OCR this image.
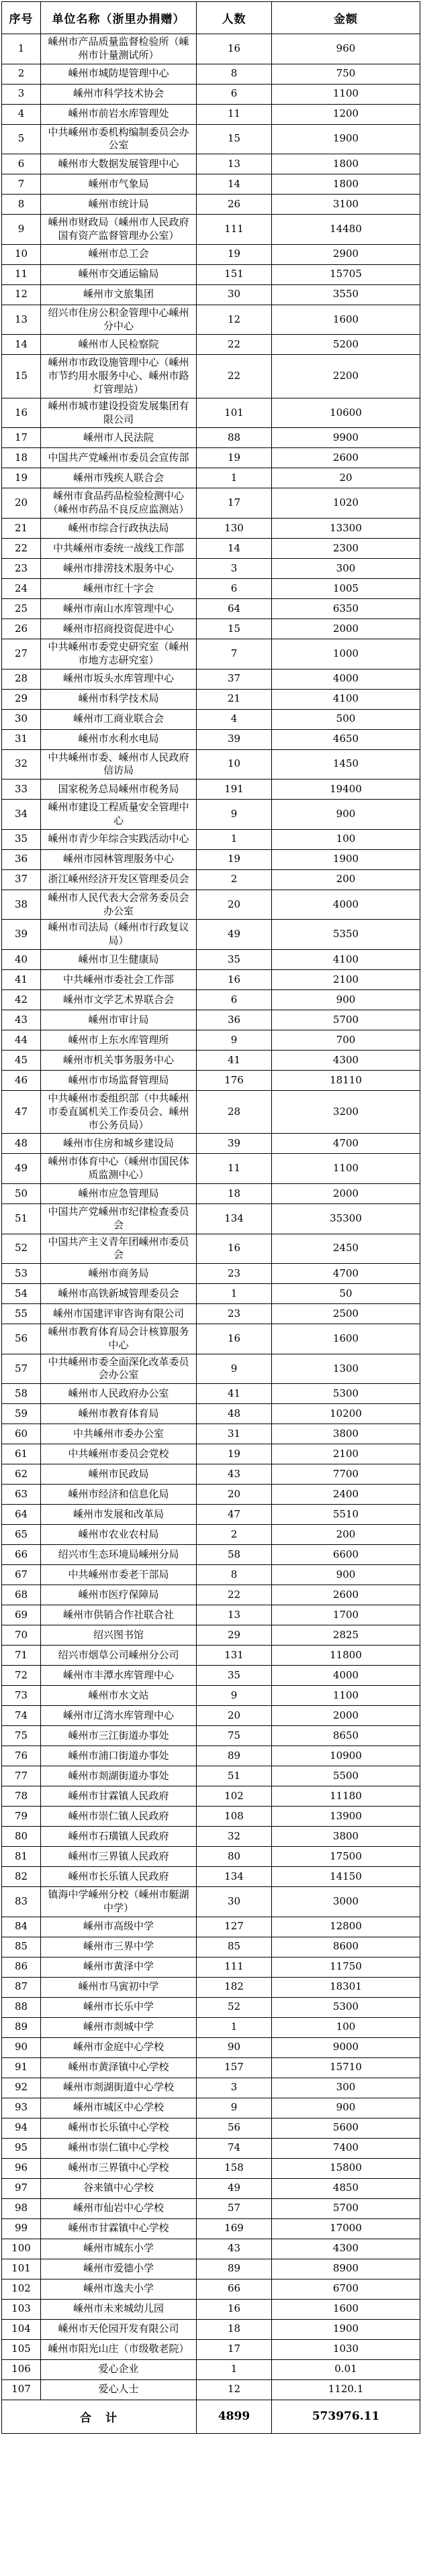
序号	单位名称（浙里办捐赠）	人数	金额
1	嵊州市产品质量监督检验所（嵊州市计量测试所）	16	960
2	嵊州市城防堤管理中心	8	750
3	嵊州市科学技术协会	6	1100
4	嵊州市前岩水库管理处	11	1200
5	中共嵊州市委机构编制委员会办公室	15	1900
6	嵊州市大数据发展管理中心	13	1800
7	嵊州市气象局	14	1800
8	嵊州市统计局	26	3100
9	嵊州市财政局（嵊州市人民政府国有资产监督管理办公室）	111	14480
10	嵊州市总工会	19	2900
11	嵊州市交通运输局	151	15705
12	嵊州市文旅集团	30	3550
13	绍兴市住房公积金管理中心嵊州分中心	12	1600
14	嵊州市人民检察院	22	5200
15	嵊州市市政设施管理中心（嵊州市节约用水服务中心、嵊州市路灯管理站）	22	2200
16	嵊州市城市建设投资发展集团有限公司	101	10600
17	嵊州市人民法院	88	9900
18	中国共产党嵊州市委员会宣传部	19	2600
19	嵊州市残疾人联合会	1	20
20	嵊州市食品药品检验检测中心（嵊州市药品不良反应监测站）	17	1020
21	嵊州市综合行政执法局	130	13300
22	中共嵊州市委统一战线工作部	14	2300
23	嵊州市排涝技术服务中心	3	300
24	嵊州市红十字会	6	1005
25	嵊州市南山水库管理中心	64	6350
26	嵊州市招商投资促进中心	15	2000
27	中共嵊州市委党史研究室（嵊州市地方志研究室）	7	1000
28	嵊州市坂头水库管理中心	37	4000
29	嵊州市科学技术局	21	4100
30	嵊州市工商业联合会	4	500
31	嵊州市水利水电局	39	4650
32	中共嵊州市委、嵊州市人民政府信访局	10	1450
33	国家税务总局嵊州市税务局	191	19400
34	嵊州市建设工程质量安全管理中心	9	900
35	嵊州市青少年综合实践活动中心	1	100
36	嵊州市园林管理服务中心	19	1900
37	浙江嵊州经济开发区管理委员会	2	200
38	嵊州市人民代表大会常务委员会办公室	20	4000
39	嵊州市司法局（嵊州市行政复议局）	49	5350
40	嵊州市卫生健康局	35	4100
41	中共嵊州市委社会工作部	16	2100
42	嵊州市文学艺术界联合会	6	900
43	嵊州市审计局	36	5700
44	嵊州市上东水库管理所	9	700
45	嵊州市机关事务服务中心	41	4300
46	嵊州市市场监督管理局	176	18110
47	中共嵊州市委组织部（中共嵊州市委直属机关工作委员会、嵊州市公务员局）	28	3200
48	嵊州市住房和城乡建设局	39	4700
49	嵊州市体育中心（嵊州市国民体质监测中心）	11	1100
50	嵊州市应急管理局	18	2000
51	中国共产党嵊州市纪律检查委员会	134	35300
52	中国共产主义青年团嵊州市委员会	16	2450
53	嵊州市商务局	23	4700
54	嵊州市高铁新城管理委员会	1	50
55	嵊州市国建评审咨询有限公司	23	2500
56	嵊州市教育体育局会计核算服务中心	16	1600
57	中共嵊州市委全面深化改革委员会办公室	9	1300
58	嵊州市人民政府办公室	41	5300
59	嵊州市教育体育局	48	10200
60	中共嵊州市委办公室	31	3800
61	中共嵊州市委员会党校	19	2100
62	嵊州市民政局	43	7700
63	嵊州市经济和信息化局	20	2400
64	嵊州市发展和改革局	47	5510
65	嵊州市农业农村局	2	200
66	绍兴市生态环境局嵊州分局	58	6600
67	中共嵊州市委老干部局	8	900
68	嵊州市医疗保障局	22	2600
69	嵊州市供销合作社联合社	13	1700
70	绍兴图书馆	29	2825
71	绍兴市烟草公司嵊州分公司	131	11800
72	嵊州市丰潭水库管理中心	35	4000
73	嵊州市水文站	9	1100
74	嵊州市辽湾水库管理中心	20	2000
75	嵊州市三江街道办事处	75	8650
76	嵊州市浦口街道办事处	89	10900
77	嵊州市剡湖街道办事处	51	5500
78	嵊州市甘霖镇人民政府	102	11180
79	嵊州市崇仁镇人民政府	108	13900
80	嵊州市石璜镇人民政府	32	3800
81	嵊州市三界镇人民政府	80	17500
82	嵊州市长乐镇人民政府	134	14150
83	镇海中学嵊州分校（嵊州市艇湖中学）	30	3000
84	嵊州市高级中学	127	12800
85	嵊州市三界中学	85	8600
86	嵊州市黄泽中学	111	11750
87	嵊州市马寅初中学	182	18301
88	嵊州市长乐中学	52	5300
89	嵊州市剡城中学	1	100
90	嵊州市金庭中心学校	90	9000
91	嵊州市黄泽镇中心学校	157	15710
92	嵊州市剡湖街道中心学校	3	300
93	嵊州市城区中心学校	9	900
94	嵊州市长乐镇中心学校	56	5600
95	嵊州市崇仁镇中心学校	74	7400
96	嵊州市三界镇中心学校	158	15800
97	谷来镇中心学校	49	4850
98	嵊州市仙岩中心学校	57	5700
99	嵊州市甘霖镇中心学校	169	17000
100	嵊州市城东小学	43	4300
101	嵊州市爱德小学	89	8900
102	嵊州市逸夫小学	66	6700
103	嵊州市未来城幼儿园	16	1600
104	嵊州市天伦园开发有限公司	18	1900
105	嵊州市阳光山庄（市级敬老院）	17	1030
106	爱心企业	1	0.01
107	爱心人士	12	1120.1
合　计		4899	573976.11
